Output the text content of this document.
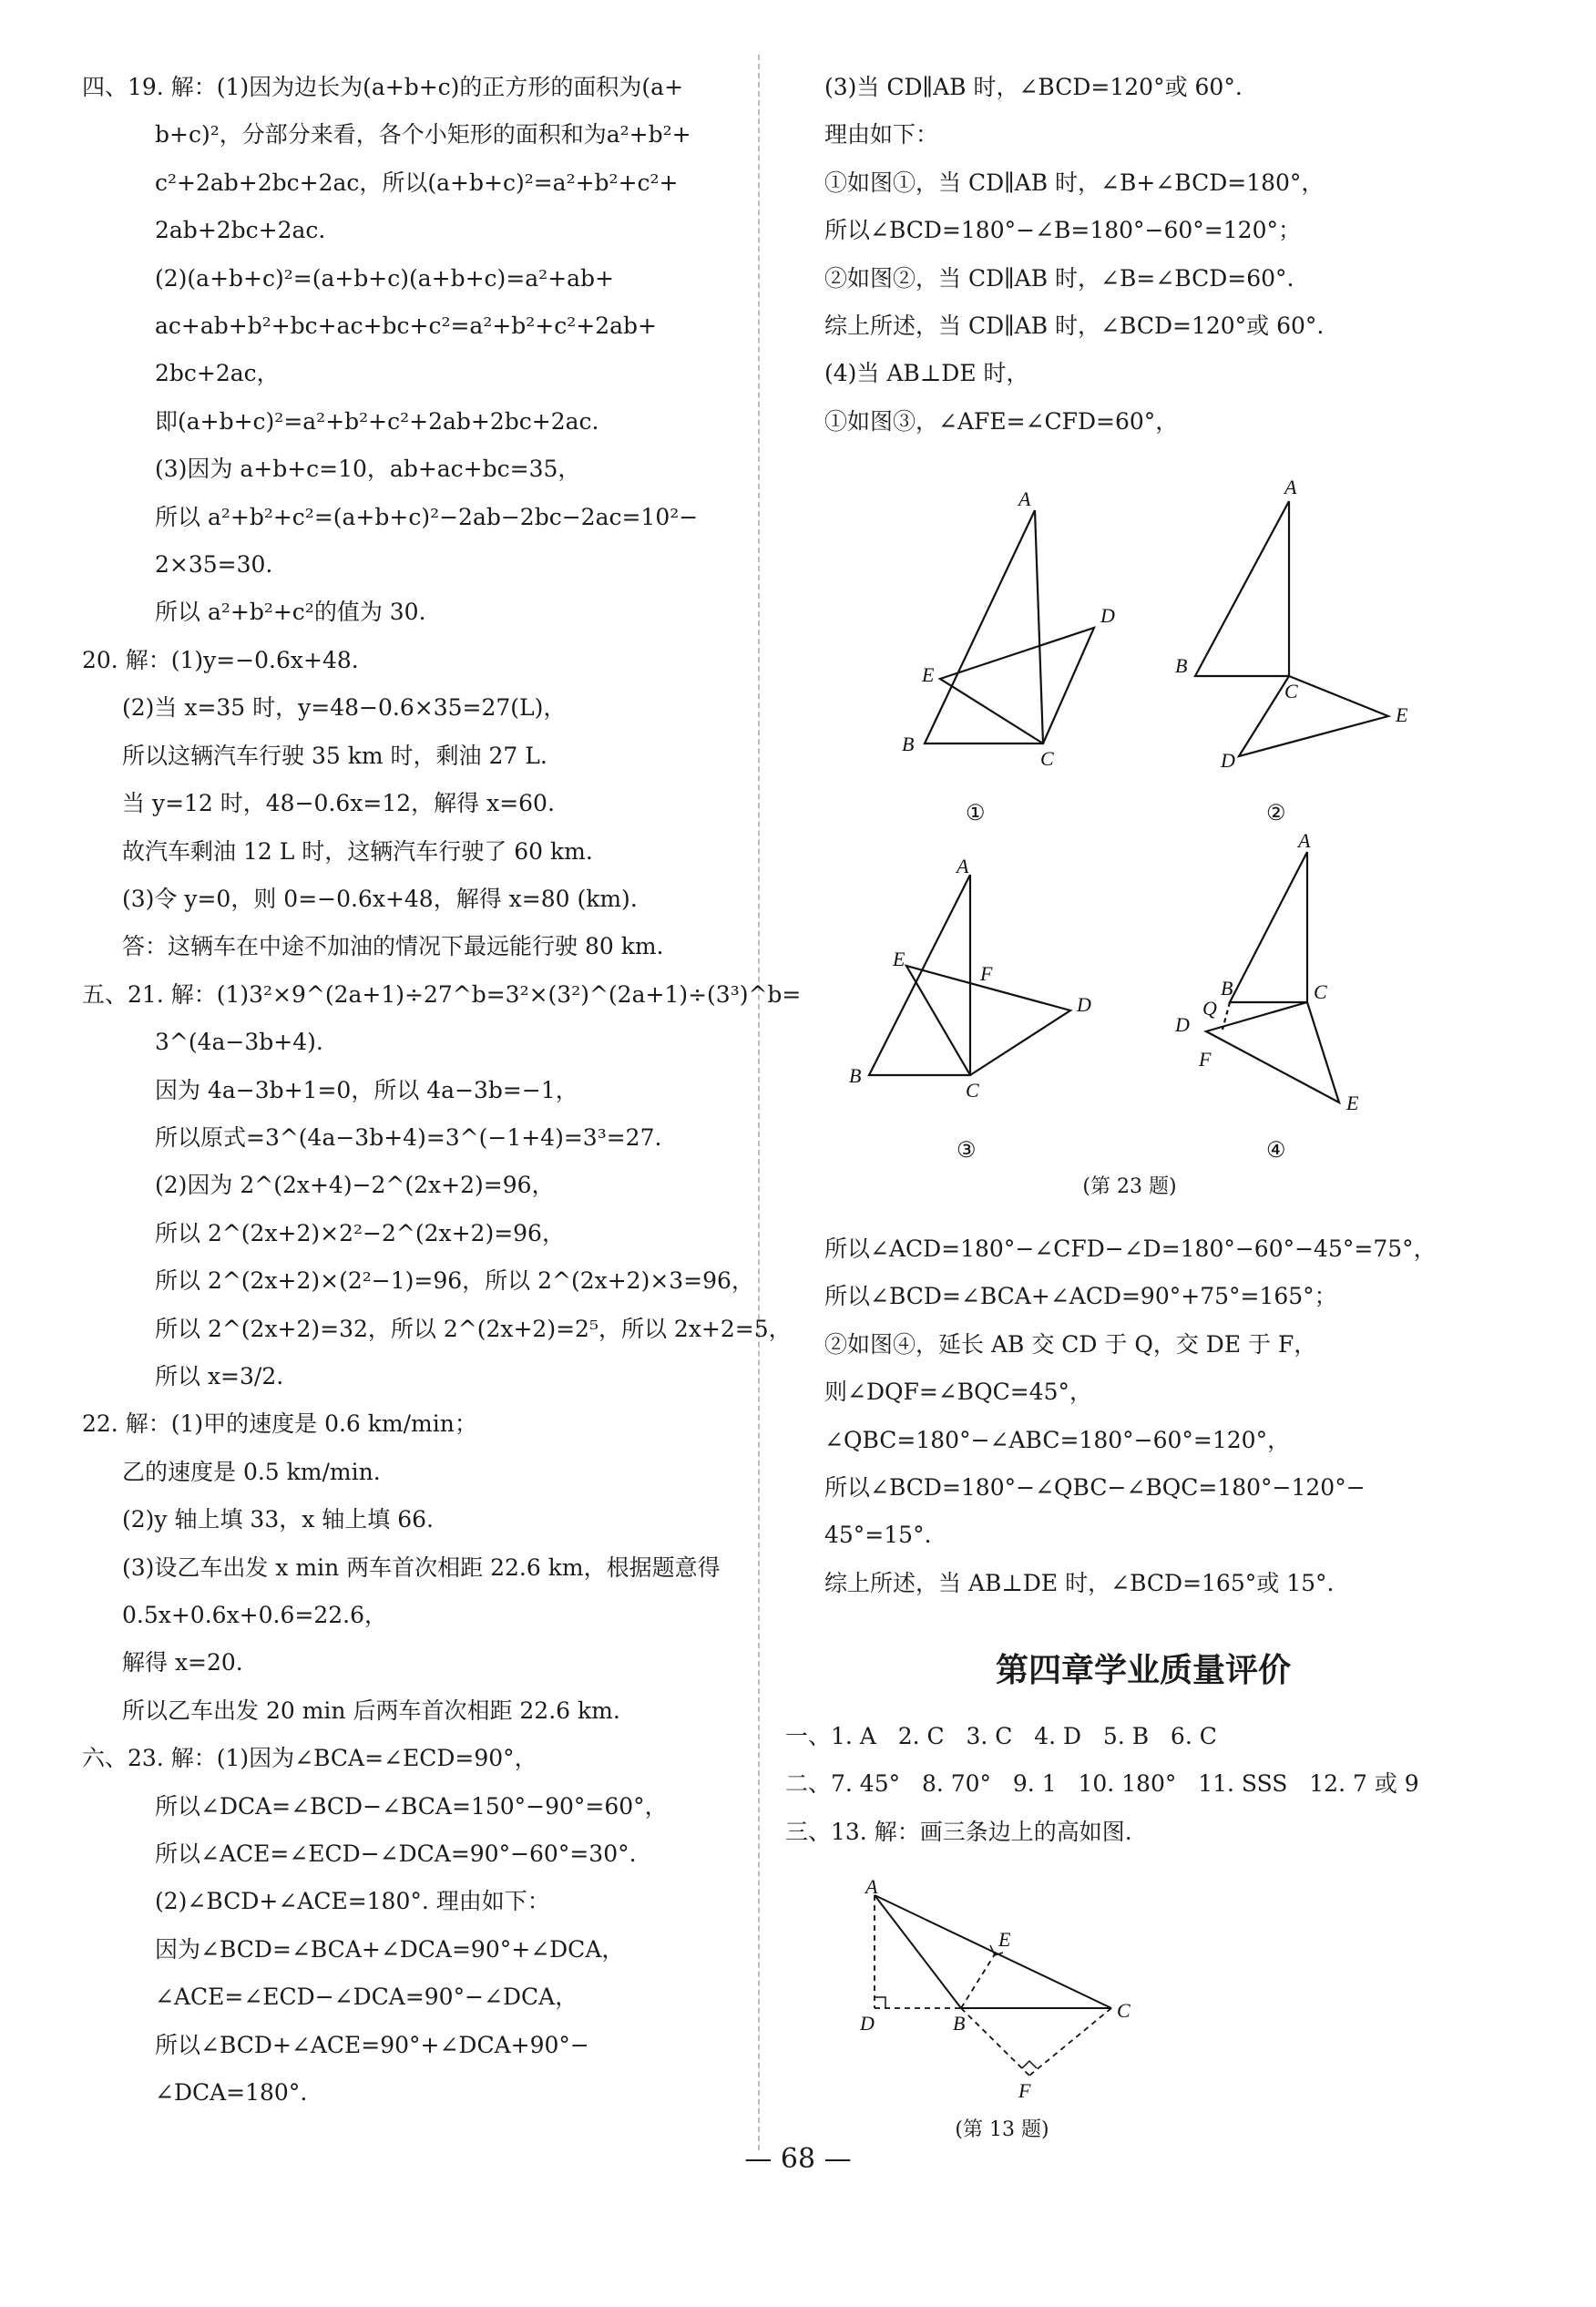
四、19. 解：(1)因为边长为(a+b+c)的正方形的面积为(a+
b+c)²，分部分来看，各个小矩形的面积和为a²+b²+
c²+2ab+2bc+2ac，所以(a+b+c)²=a²+b²+c²+
2ab+2bc+2ac.
(2)(a+b+c)²=(a+b+c)(a+b+c)=a²+ab+
ac+ab+b²+bc+ac+bc+c²=a²+b²+c²+2ab+
2bc+2ac，
即(a+b+c)²=a²+b²+c²+2ab+2bc+2ac.
(3)因为 a+b+c=10，ab+ac+bc=35，
所以 a²+b²+c²=(a+b+c)²−2ab−2bc−2ac=10²−
2×35=30.
所以 a²+b²+c²的值为 30.
20. 解：(1)y=−0.6x+48.
(2)当 x=35 时，y=48−0.6×35=27(L)，
所以这辆汽车行驶 35 km 时，剩油 27 L.
当 y=12 时，48−0.6x=12，解得 x=60.
故汽车剩油 12 L 时，这辆汽车行驶了 60 km.
(3)令 y=0，则 0=−0.6x+48，解得 x=80 (km).
答：这辆车在中途不加油的情况下最远能行驶 80 km.
五、21. 解：(1)3²×9^(2a+1)÷27^b=3²×(3²)^(2a+1)÷(3³)^b=
3^(4a−3b+4).
因为 4a−3b+1=0，所以 4a−3b=−1，
所以原式=3^(4a−3b+4)=3^(−1+4)=3³=27.
(2)因为 2^(2x+4)−2^(2x+2)=96，
所以 2^(2x+2)×2²−2^(2x+2)=96，
所以 2^(2x+2)×(2²−1)=96，所以 2^(2x+2)×3=96，
所以 2^(2x+2)=32，所以 2^(2x+2)=2⁵，所以 2x+2=5，
所以 x=3/2.
22. 解：(1)甲的速度是 0.6 km/min；
乙的速度是 0.5 km/min.
(2)y 轴上填 33，x 轴上填 66.
(3)设乙车出发 x min 两车首次相距 22.6 km，根据题意得
0.5x+0.6x+0.6=22.6，
解得 x=20.
所以乙车出发 20 min 后两车首次相距 22.6 km.
六、23. 解：(1)因为∠BCA=∠ECD=90°，
所以∠DCA=∠BCD−∠BCA=150°−90°=60°，
所以∠ACE=∠ECD−∠DCA=90°−60°=30°.
(2)∠BCD+∠ACE=180°. 理由如下：
因为∠BCD=∠BCA+∠DCA=90°+∠DCA，
∠ACE=∠ECD−∠DCA=90°−∠DCA，
所以∠BCD+∠ACE=90°+∠DCA+90°−
∠DCA=180°.
(3)当 CD∥AB 时，∠BCD=120°或 60°.
理由如下：
①如图①，当 CD∥AB 时，∠B+∠BCD=180°，
所以∠BCD=180°−∠B=180°−60°=120°；
②如图②，当 CD∥AB 时，∠B=∠BCD=60°.
综上所述，当 CD∥AB 时，∠BCD=120°或 60°.
(4)当 AB⊥DE 时，
①如图③，∠AFE=∠CFD=60°，
A
D
E
B
C
A
B
C
E
D
A
E
F
D
B
C
A
B	C
Q
D
F
E
①	②
③	④
(第 23 题)
所以∠ACD=180°−∠CFD−∠D=180°−60°−45°=75°，
所以∠BCD=∠BCA+∠ACD=90°+75°=165°；
②如图④，延长 AB 交 CD 于 Q，交 DE 于 F，
则∠DQF=∠BQC=45°，
∠QBC=180°−∠ABC=180°−60°=120°，
所以∠BCD=180°−∠QBC−∠BQC=180°−120°−
45°=15°.
综上所述，当 AB⊥DE 时，∠BCD=165°或 15°.
第四章学业质量评价
一、1. A   2. C   3. C   4. D   5. B   6. C
二、7. 45°   8. 70°   9. 1   10. 180°   11. SSS   12. 7 或 9
三、13. 解：画三条边上的高如图.
A
E
D	B
C
F
(第 13 题)
— 68 —
